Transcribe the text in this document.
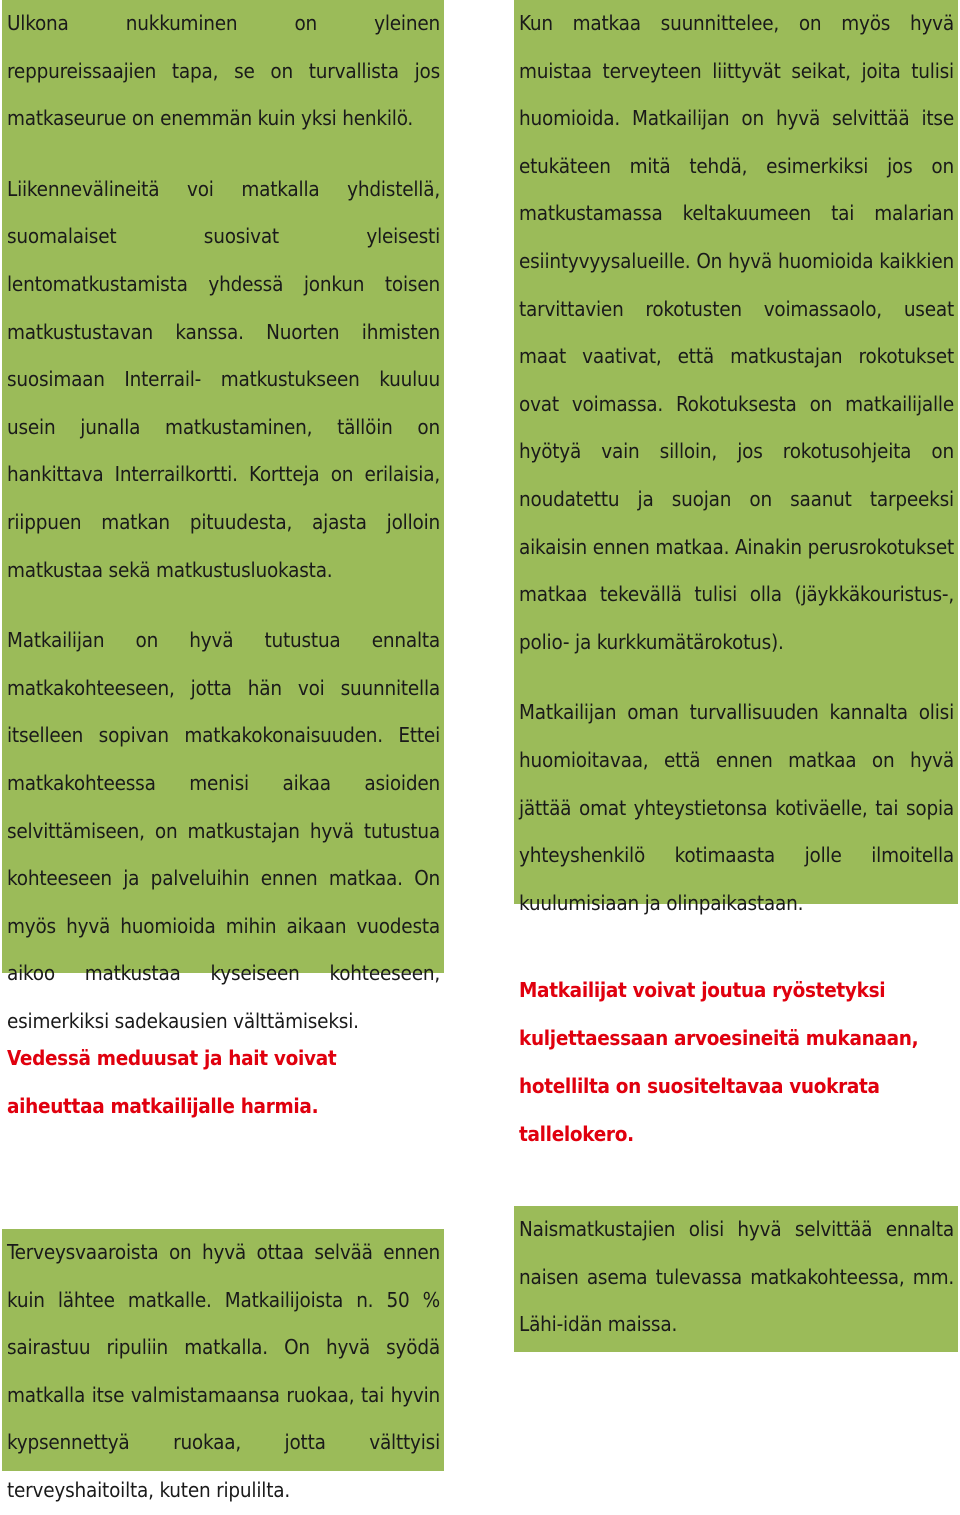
Ulkona nukkuminen on yleinen reppureissaajien tapa, se on turvallista jos matkaseurue on enemmän kuin yksi henkilö.

Liikennevälineitä voi matkalla yhdistellä, suomalaiset suosivat yleisesti lentomatkustamista yhdessä jonkun toisen matkustustavan kanssa. Nuorten ihmisten suosimaan Interrail- matkustukseen kuuluu usein junalla matkustaminen, tällöin on hankittava Interrailkortti. Kortteja on erilaisia, riippuen matkan pituudesta, ajasta jolloin matkustaa sekä matkustusluokasta.

Matkailijan on hyvä tutustua ennalta matkakohteeseen, jotta hän voi suunnitella itselleen sopivan matkakokonaisuuden. Ettei matkakohteessa menisi aikaa asioiden selvittämiseen, on matkustajan hyvä tutustua kohteeseen ja palveluihin ennen matkaa. On myös hyvä huomioida mihin aikaan vuodesta aikoo matkustaa kyseiseen kohteeseen, esimerkiksi sadekausien välttämiseksi.

Kun matkaa suunnittelee, on myös hyvä muistaa terveyteen liittyvät seikat, joita tulisi huomioida. Matkailijan on hyvä selvittää itse etukäteen mitä tehdä, esimerkiksi jos on matkustamassa keltakuumeen tai malarian esiintyvyysalueille. On hyvä huomioida kaikkien tarvittavien rokotusten voimassaolo, useat maat vaativat, että matkustajan rokotukset ovat voimassa. Rokotuksesta on matkailijalle hyötyä vain silloin, jos rokotusohjeita on noudatettu ja suojan on saanut tarpeeksi aikaisin ennen matkaa. Ainakin perusrokotukset matkaa tekevällä tulisi olla (jäykkäkouristus-, polio- ja kurkkumätärokotus).

Matkailijan oman turvallisuuden kannalta olisi huomioitavaa, että ennen matkaa on hyvä jättää omat yhteystietonsa kotiväelle, tai sopia yhteyshenkilö kotimaasta jolle ilmoitella kuulumisiaan ja olinpaikastaan.

Matkailijat voivat joutua ryöstetyksi kuljettaessaan arvoesineitä mukanaan, hotellilta on suositeltavaa vuokrata tallelokero.
Vedessä meduusat ja hait voivat aiheuttaa matkailijalle harmia.

Naismatkustajien olisi hyvä selvittää ennalta naisen asema tulevassa matkakohteessa, mm. Lähi-idän maissa.

Terveysvaaroista on hyvä ottaa selvää ennen kuin lähtee matkalle. Matkailijoista n. 50 % sairastuu ripuliin matkalla. On hyvä syödä matkalla itse valmistamaansa ruokaa, tai hyvin kypsennettyä ruokaa, jotta välttyisi terveyshaitoilta, kuten ripulilta.
